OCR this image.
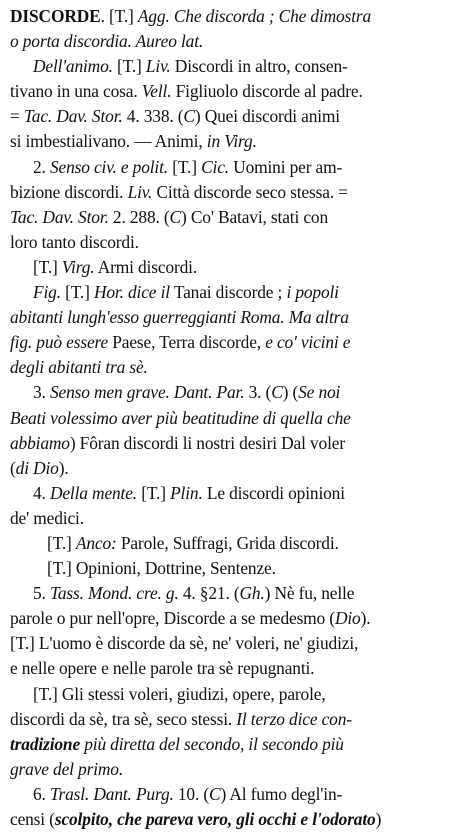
DISCORDE. [T.] Agg. Che discorda ; Che dimostra
o porta discordia. Aureo lat.
Dell'animo. [T.] Liv. Discordi in altro, consen-
tivano in una cosa. Vell. Figliuolo discorde al padre.
= Tac. Dav. Stor. 4. 338. (C) Quei discordi animi
si imbestialivano. — Animi, in Virg.
2. Senso civ. e polit. [T.] Cic. Uomini per am-
bizione discordi. Liv. Città discorde seco stessa. =
Tac. Dav. Stor. 2. 288. (C) Co' Batavi, stati con
loro tanto discordi.
[T.] Virg. Armi discordi.
Fig. [T.] Hor. dice il Tanai discorde ; i popoli
abitanti lungh'esso guerreggianti Roma. Ma altra
fig. può essere Paese, Terra discorde, e co' vicini e
degli abitanti tra sè.
3. Senso men grave. Dant. Par. 3. (C) (Se noi
Beati volessimo aver più beatitudine di quella che
abbiamo) Fôran discordi li nostri desiri Dal voler
(di Dio).
4. Della mente. [T.] Plin. Le discordi opinioni
de' medici.
[T.] Anco: Parole, Suffragi, Grida discordi.
[T.] Opinioni, Dottrine, Sentenze.
5. Tass. Mond. cre. g. 4. §21. (Gh.) Nè fu, nelle
parole o pur nell'opre, Discorde a se medesmo (Dio).
[T.] L'uomo è discorde da sè, ne' voleri, ne' giudizi,
e nelle opere e nelle parole tra sè repugnanti.
[T.] Gli stessi voleri, giudizi, opere, parole,
discordi da sè, tra sè, seco stessi. Il terzo dice con-
tradizione più diretta del secondo, il secondo più
grave del primo.
6. Trasl. Dant. Purg. 10. (C) Al fumo degl'in-
censi (scolpito, che pareva vero, gli occhi e l'odorato)
